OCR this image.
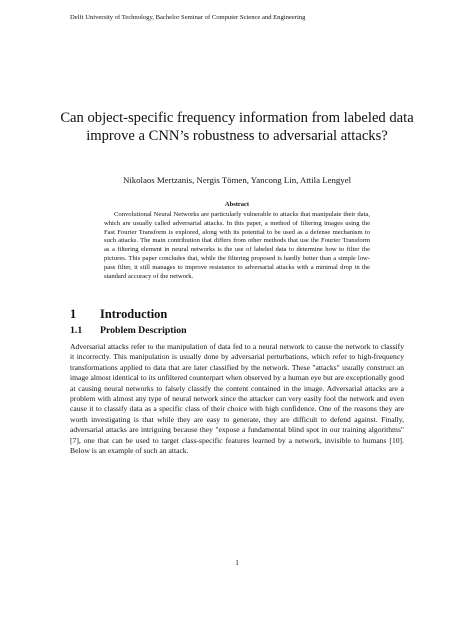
Delft University of Technology, Bachelor Seminar of Computer Science and Engineering
Can object-specific frequency information from labeled data improve a CNN’s robustness to adversarial attacks?
Nikolaos Mertzanis, Nergis Tömen, Yancong Lin, Attila Lengyel
Abstract
Convolutional Neural Networks are particularly vulnerable to attacks that manipulate their data, which are usually called adversarial attacks. In this paper, a method of filtering images using the Fast Fourier Transform is explored, along with its potential to be used as a defense mechanism to such attacks. The main contribution that differs from other methods that use the Fourier Transform as a filtering element in neural networks is the use of labeled data to determine how to filter the pictures. This paper concludes that, while the filtering proposed is hardly better than a simple low-pass filter, it still manages to improve resistance to adversarial attacks with a minimal drop in the standard accuracy of the network.
1 Introduction
1.1 Problem Description
Adversarial attacks refer to the manipulation of data fed to a neural network to cause the network to classify it incorrectly. This manipulation is usually done by adversarial perturbations, which refer to high-frequency transformations applied to data that are later classified by the network. These "attacks" usually construct an image almost identical to its unfiltered counterpart when observed by a human eye but are exceptionally good at causing neural networks to falsely classify the content contained in the image. Adversarial attacks are a problem with almost any type of neural network since the attacker can very easily fool the network and even cause it to classify data as a specific class of their choice with high confidence. One of the reasons they are worth investigating is that while they are easy to generate, they are difficult to defend against. Finally, adversarial attacks are intriguing because they "expose a fundamental blind spot in our training algorithms" [7], one that can be used to target class-specific features learned by a network, invisible to humans [10]. Below is an example of such an attack.
1
